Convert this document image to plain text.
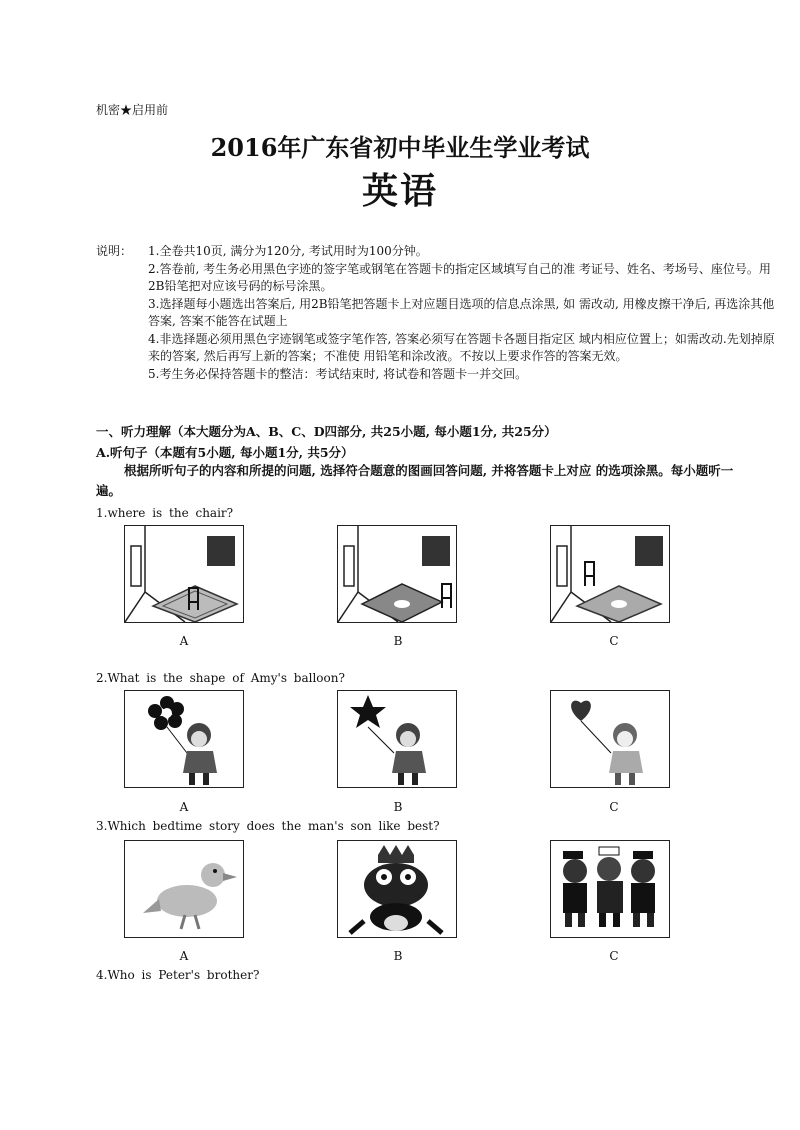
机密★启用前
2016年广东省初中毕业生学业考试
英语
说明： 1.全卷共10页, 满分为120分, 考试用时为100分钟。
2.答卷前, 考生务必用黑色字迹的签字笔或钢笔在答题卡的指定区域填写自己的准 考证号、姓名、考场号、座位号。用2B铅笔把对应该号码的标号涂黑。
3.选择题每小题选出答案后, 用2B铅笔把答题卡上对应题目选项的信息点涂黑, 如 需改动, 用橡皮擦干净后, 再选涂其他答案, 答案不能答在试题上
4.非选择题必须用黑色字迹钢笔或签字笔作答, 答案必须写在答题卡各题目指定区 域内相应位置上；如需改动.先划掉原来的答案, 然后再写上新的答案；不准使 用铅笔和涂改液。不按以上要求作答的答案无效。
5.考生务必保持答题卡的整洁：考试结束时, 将试卷和答题卡一并交回。
一、听力理解（本大题分为A、B、C、D四部分, 共25小题, 每小题1分, 共25分）
A.听句子（本题有5小题, 每小题1分, 共5分）
根据所听句子的内容和所提的问题, 选择符合题意的图画回答问题, 并将答题卡上对应 的选项涂黑。每小题听一遍。
1.where is the chair?
A	B	C
2.What is the shape of Amy's balloon?
A	B	C
3.Which bedtime story does the man's son like best?
A	B	C
4.Who is Peter's brother?
